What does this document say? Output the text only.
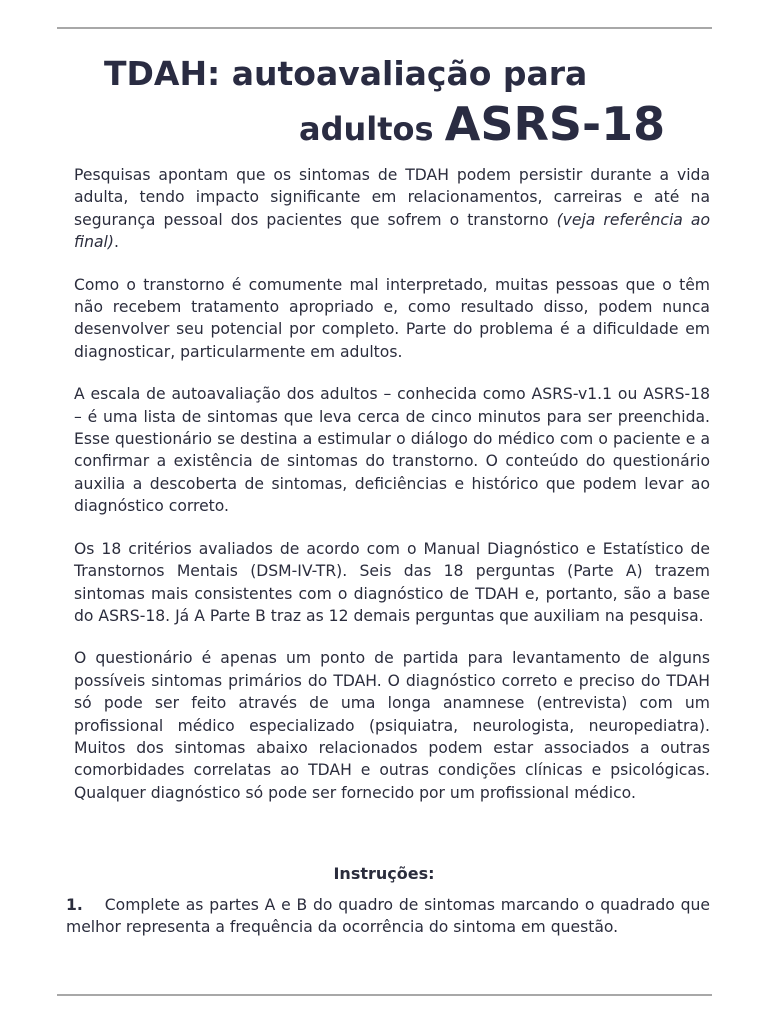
TDAH: autoavaliação para
adultos ASRS-18

Pesquisas apontam que os sintomas de TDAH podem persistir durante a vida adulta, tendo impacto significante em relacionamentos, carreiras e até na segurança pessoal dos pacientes que sofrem o transtorno (veja referência ao final).

Como o transtorno é comumente mal interpretado, muitas pessoas que o têm não recebem tratamento apropriado e, como resultado disso, podem nunca desenvolver seu potencial por completo. Parte do problema é a dificuldade em diagnosticar, particularmente em adultos.

A escala de autoavaliação dos adultos – conhecida como ASRS-v1.1 ou ASRS-18 – é uma lista de sintomas que leva cerca de cinco minutos para ser preenchida. Esse questionário se destina a estimular o diálogo do médico com o paciente e a confirmar a existência de sintomas do transtorno. O conteúdo do questionário auxilia a descoberta de sintomas, deficiências e histórico que podem levar ao diagnóstico correto.

Os 18 critérios avaliados de acordo com o Manual Diagnóstico e Estatístico de Transtornos Mentais (DSM-IV-TR). Seis das 18 perguntas (Parte A) trazem sintomas mais consistentes com o diagnóstico de TDAH e, portanto, são a base do ASRS-18. Já A Parte B traz as 12 demais perguntas que auxiliam na pesquisa.

O questionário é apenas um ponto de partida para levantamento de alguns possíveis sintomas primários do TDAH. O diagnóstico correto e preciso do TDAH só pode ser feito através de uma longa anamnese (entrevista) com um profissional médico especializado (psiquiatra, neurologista, neuropediatra). Muitos dos sintomas abaixo relacionados podem estar associados a outras comorbidades correlatas ao TDAH e outras condições clínicas e psicológicas. Qualquer diagnóstico só pode ser fornecido por um profissional médico.

Instruções:
1. Complete as partes A e B do quadro de sintomas marcando o quadrado que melhor representa a frequência da ocorrência do sintoma em questão.
